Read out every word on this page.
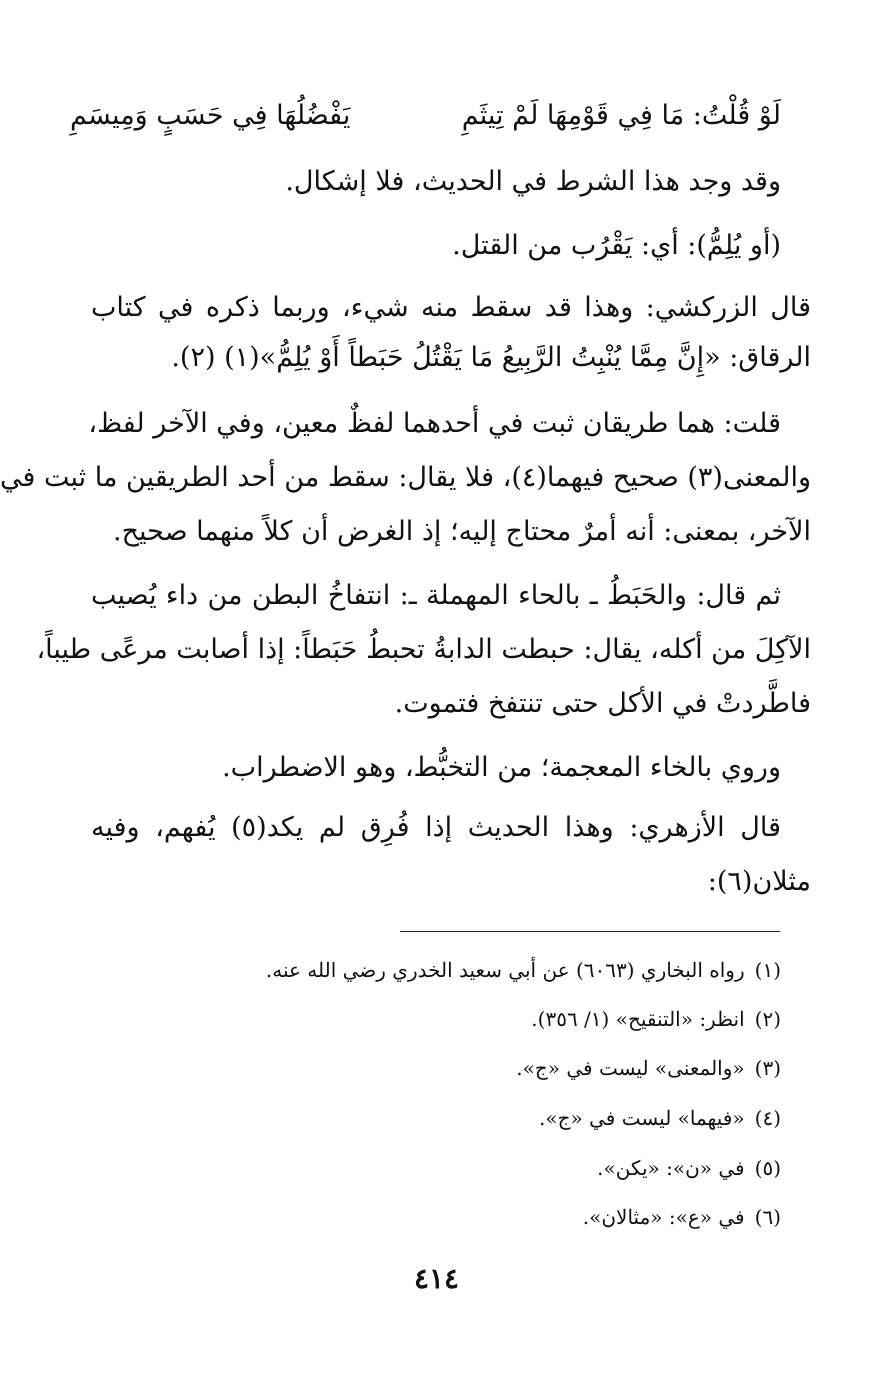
لَوْ قُلْتُ: مَا فِي قَوْمِهَا لَمْ تِيثَمِ
يَفْضُلُهَا فِي حَسَبٍ وَمِيسَمِ
وقد وجد هذا الشرط في الحديث، فلا إشكال.
(أو يُلِمُّ): أي: يَقْرُب من القتل.
قال الزركشي: وهذا قد سقط منه شيء، وربما ذكره في كتاب
الرقاق: «إِنَّ مِمَّا يُنْبِتُ الرَّبِيعُ مَا يَقْتُلُ حَبَطاً أَوْ يُلِمُّ»(١) (٢).
قلت: هما طريقان ثبت في أحدهما لفظٌ معين، وفي الآخر لفظ،
والمعنى(٣) صحيح فيهما(٤)، فلا يقال: سقط من أحد الطريقين ما ثبت في
الآخر، بمعنى: أنه أمرٌ محتاج إليه؛ إذ الغرض أن كلاً منهما صحيح.
ثم قال: والحَبَطُ ـ بالحاء المهملة ـ: انتفاخُ البطن من داء يُصيب
الآكِلَ من أكله، يقال: حبطت الدابةُ تحبطُ حَبَطاً: إذا أصابت مرعًى طيباً،
فاطَّردتْ في الأكل حتى تنتفخ فتموت.
وروي بالخاء المعجمة؛ من التخبُّط، وهو الاضطراب.
قال الأزهري: وهذا الحديث إذا فُرِق لم يكد(٥) يُفهم، وفيه
مثلان(٦):
(١)رواه البخاري (٦٠٦٣) عن أبي سعيد الخدري رضي الله عنه.
(٢)انظر: «التنقيح» (١/ ٣٥٦).
(٣)«والمعنى» ليست في «ج».
(٤)«فيهما» ليست في «ج».
(٥)في «ن»: «يكن».
(٦)في «ع»: «مثالان».
٤١٤
